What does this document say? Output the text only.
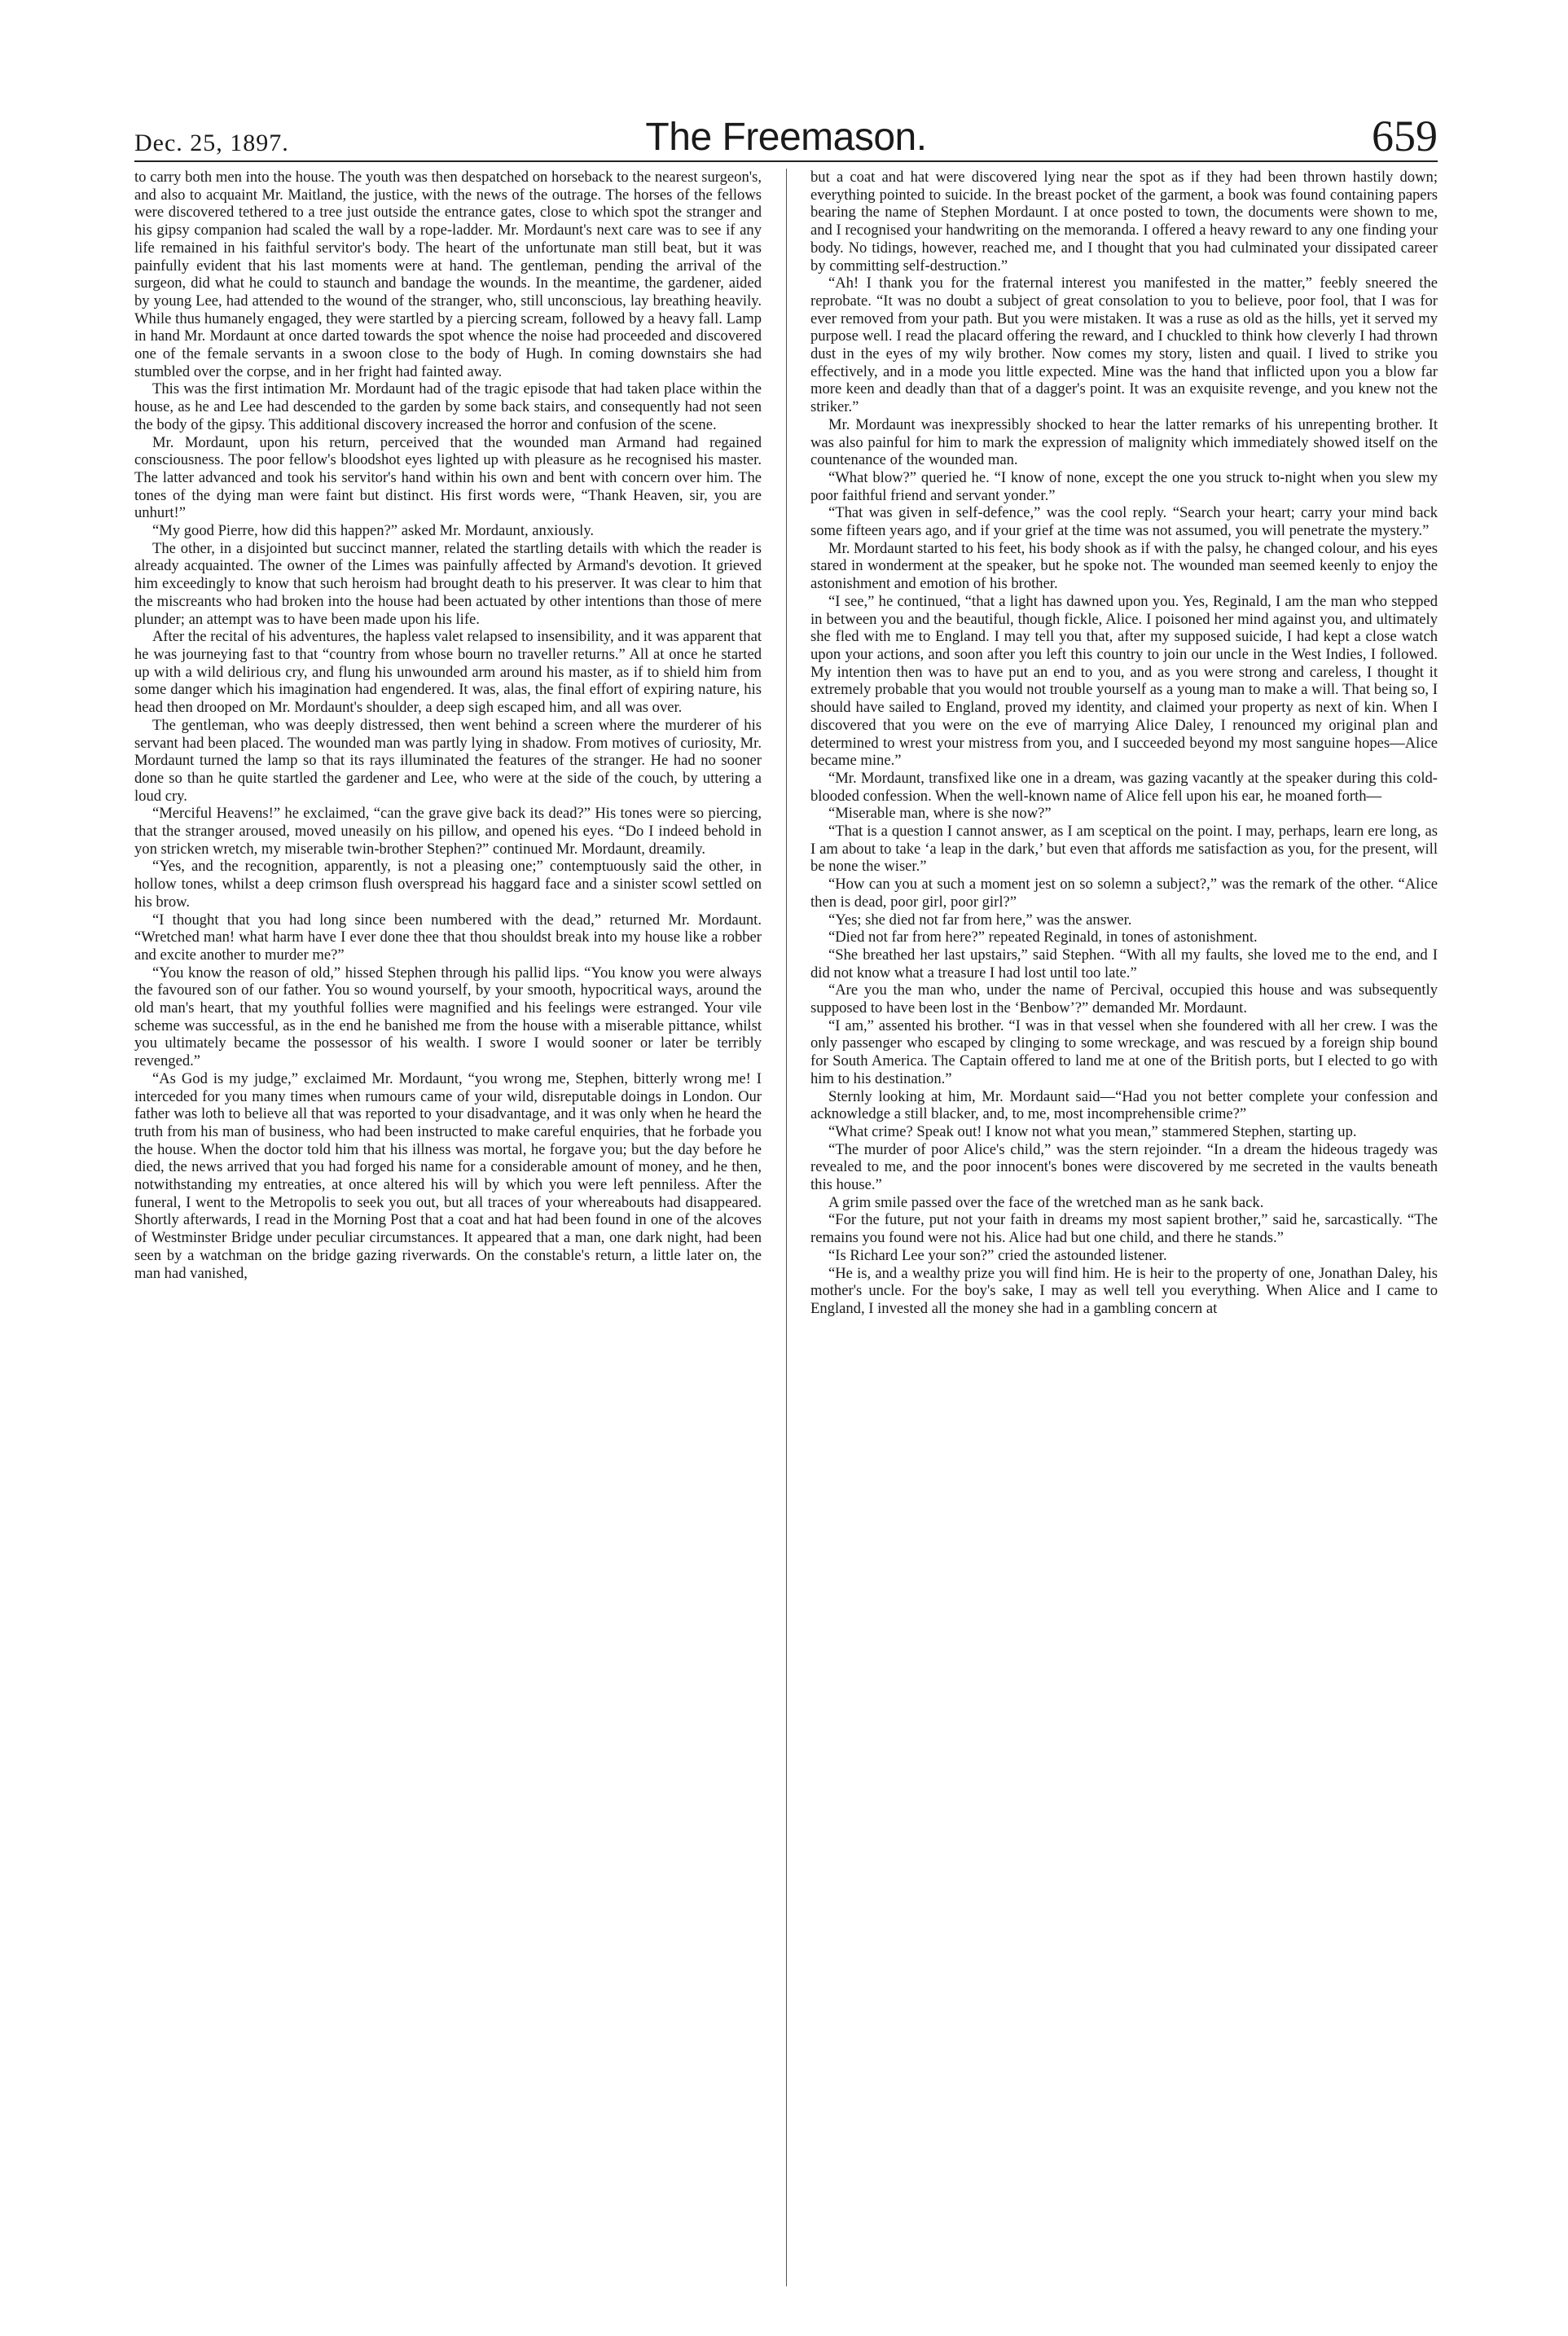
Dec. 25, 1897.	The Freemason.	659

to carry both men into the house. The youth was then despatched on horseback to the nearest surgeon's, and also to acquaint Mr. Maitland, the justice, with the news of the outrage. The horses of the fellows were discovered tethered to a tree just outside the entrance gates, close to which spot the stranger and his gipsy companion had scaled the wall by a rope-ladder. Mr. Mordaunt's next care was to see if any life remained in his faithful servitor's body. The heart of the unfortunate man still beat, but it was painfully evident that his last moments were at hand. The gentleman, pending the arrival of the surgeon, did what he could to staunch and bandage the wounds. In the meantime, the gardener, aided by young Lee, had attended to the wound of the stranger, who, still unconscious, lay breathing heavily. While thus humanely engaged, they were startled by a piercing scream, followed by a heavy fall. Lamp in hand Mr. Mordaunt at once darted towards the spot whence the noise had proceeded and discovered one of the female servants in a swoon close to the body of Hugh. In coming downstairs she had stumbled over the corpse, and in her fright had fainted away.

This was the first intimation Mr. Mordaunt had of the tragic episode that had taken place within the house, as he and Lee had descended to the garden by some back stairs, and consequently had not seen the body of the gipsy. This additional discovery increased the horror and confusion of the scene.

Mr. Mordaunt, upon his return, perceived that the wounded man Armand had regained consciousness. The poor fellow's bloodshot eyes lighted up with pleasure as he recognised his master. The latter advanced and took his servitor's hand within his own and bent with concern over him. The tones of the dying man were faint but distinct. His first words were, “Thank Heaven, sir, you are unhurt!”

“My good Pierre, how did this happen?” asked Mr. Mordaunt, anxiously.

The other, in a disjointed but succinct manner, related the startling details with which the reader is already acquainted. The owner of the Limes was painfully affected by Armand's devotion. It grieved him exceedingly to know that such heroism had brought death to his preserver. It was clear to him that the miscreants who had broken into the house had been actuated by other intentions than those of mere plunder; an attempt was to have been made upon his life.

After the recital of his adventures, the hapless valet relapsed to insensibility, and it was apparent that he was journeying fast to that “country from whose bourn no traveller returns.” All at once he started up with a wild delirious cry, and flung his unwounded arm around his master, as if to shield him from some danger which his imagination had engendered. It was, alas, the final effort of expiring nature, his head then drooped on Mr. Mordaunt's shoulder, a deep sigh escaped him, and all was over.

The gentleman, who was deeply distressed, then went behind a screen where the murderer of his servant had been placed. The wounded man was partly lying in shadow. From motives of curiosity, Mr. Mordaunt turned the lamp so that its rays illuminated the features of the stranger. He had no sooner done so than he quite startled the gardener and Lee, who were at the side of the couch, by uttering a loud cry.

“Merciful Heavens!” he exclaimed, “can the grave give back its dead?” His tones were so piercing, that the stranger aroused, moved uneasily on his pillow, and opened his eyes. “Do I indeed behold in yon stricken wretch, my miserable twin-brother Stephen?” continued Mr. Mordaunt, dreamily.

“Yes, and the recognition, apparently, is not a pleasing one;” contemptuously said the other, in hollow tones, whilst a deep crimson flush overspread his haggard face and a sinister scowl settled on his brow.

“I thought that you had long since been numbered with the dead,” returned Mr. Mordaunt. “Wretched man! what harm have I ever done thee that thou shouldst break into my house like a robber and excite another to murder me?”

“You know the reason of old,” hissed Stephen through his pallid lips. “You know you were always the favoured son of our father. You so wound yourself, by your smooth, hypocritical ways, around the old man's heart, that my youthful follies were magnified and his feelings were estranged. Your vile scheme was successful, as in the end he banished me from the house with a miserable pittance, whilst you ultimately became the possessor of his wealth. I swore I would sooner or later be terribly revenged.”

“As God is my judge,” exclaimed Mr. Mordaunt, “you wrong me, Stephen, bitterly wrong me! I interceded for you many times when rumours came of your wild, disreputable doings in London. Our father was loth to believe all that was reported to your disadvantage, and it was only when he heard the truth from his man of business, who had been instructed to make careful enquiries, that he forbade you the house. When the doctor told him that his illness was mortal, he forgave you; but the day before he died, the news arrived that you had forged his name for a considerable amount of money, and he then, notwithstanding my entreaties, at once altered his will by which you were left penniless. After the funeral, I went to the Metropolis to seek you out, but all traces of your whereabouts had disappeared. Shortly afterwards, I read in the Morning Post that a coat and hat had been found in one of the alcoves of Westminster Bridge under peculiar circumstances. It appeared that a man, one dark night, had been seen by a watchman on the bridge gazing riverwards. On the constable's return, a little later on, the man had vanished,

but a coat and hat were discovered lying near the spot as if they had been thrown hastily down; everything pointed to suicide. In the breast pocket of the garment, a book was found containing papers bearing the name of Stephen Mordaunt. I at once posted to town, the documents were shown to me, and I recognised your handwriting on the memoranda. I offered a heavy reward to any one finding your body. No tidings, however, reached me, and I thought that you had culminated your dissipated career by committing self-destruction.”

“Ah! I thank you for the fraternal interest you manifested in the matter,” feebly sneered the reprobate. “It was no doubt a subject of great consolation to you to believe, poor fool, that I was for ever removed from your path. But you were mistaken. It was a ruse as old as the hills, yet it served my purpose well. I read the placard offering the reward, and I chuckled to think how cleverly I had thrown dust in the eyes of my wily brother. Now comes my story, listen and quail. I lived to strike you effectively, and in a mode you little expected. Mine was the hand that inflicted upon you a blow far more keen and deadly than that of a dagger's point. It was an exquisite revenge, and you knew not the striker.”

Mr. Mordaunt was inexpressibly shocked to hear the latter remarks of his unrepenting brother. It was also painful for him to mark the expression of malignity which immediately showed itself on the countenance of the wounded man.

“What blow?” queried he. “I know of none, except the one you struck to-night when you slew my poor faithful friend and servant yonder.”

“That was given in self-defence,” was the cool reply. “Search your heart; carry your mind back some fifteen years ago, and if your grief at the time was not assumed, you will penetrate the mystery.”

Mr. Mordaunt started to his feet, his body shook as if with the palsy, he changed colour, and his eyes stared in wonderment at the speaker, but he spoke not. The wounded man seemed keenly to enjoy the astonishment and emotion of his brother.

“I see,” he continued, “that a light has dawned upon you. Yes, Reginald, I am the man who stepped in between you and the beautiful, though fickle, Alice. I poisoned her mind against you, and ultimately she fled with me to England. I may tell you that, after my supposed suicide, I had kept a close watch upon your actions, and soon after you left this country to join our uncle in the West Indies, I followed. My intention then was to have put an end to you, and as you were strong and careless, I thought it extremely probable that you would not trouble yourself as a young man to make a will. That being so, I should have sailed to England, proved my identity, and claimed your property as next of kin. When I discovered that you were on the eve of marrying Alice Daley, I renounced my original plan and determined to wrest your mistress from you, and I succeeded beyond my most sanguine hopes—Alice became mine.”

“Mr. Mordaunt, transfixed like one in a dream, was gazing vacantly at the speaker during this cold-blooded confession. When the well-known name of Alice fell upon his ear, he moaned forth—

“Miserable man, where is she now?”

“That is a question I cannot answer, as I am sceptical on the point. I may, perhaps, learn ere long, as I am about to take ‘a leap in the dark,’ but even that affords me satisfaction as you, for the present, will be none the wiser.”

“How can you at such a moment jest on so solemn a subject?,” was the remark of the other. “Alice then is dead, poor girl, poor girl?”

“Yes; she died not far from here,” was the answer.

“Died not far from here?” repeated Reginald, in tones of astonishment.

“She breathed her last upstairs,” said Stephen. “With all my faults, she loved me to the end, and I did not know what a treasure I had lost until too late.”

“Are you the man who, under the name of Percival, occupied this house and was subsequently supposed to have been lost in the ‘Benbow’?” demanded Mr. Mordaunt.

“I am,” assented his brother. “I was in that vessel when she foundered with all her crew. I was the only passenger who escaped by clinging to some wreckage, and was rescued by a foreign ship bound for South America. The Captain offered to land me at one of the British ports, but I elected to go with him to his destination.”

Sternly looking at him, Mr. Mordaunt said—“Had you not better complete your confession and acknowledge a still blacker, and, to me, most incomprehensible crime?”

“What crime? Speak out! I know not what you mean,” stammered Stephen, starting up.

“The murder of poor Alice's child,” was the stern rejoinder. “In a dream the hideous tragedy was revealed to me, and the poor innocent's bones were discovered by me secreted in the vaults beneath this house.”

A grim smile passed over the face of the wretched man as he sank back.

“For the future, put not your faith in dreams my most sapient brother,” said he, sarcastically. “The remains you found were not his. Alice had but one child, and there he stands.”

“Is Richard Lee your son?” cried the astounded listener.

“He is, and a wealthy prize you will find him. He is heir to the property of one, Jonathan Daley, his mother's uncle. For the boy's sake, I may as well tell you everything. When Alice and I came to England, I invested all the money she had in a gambling concern at
